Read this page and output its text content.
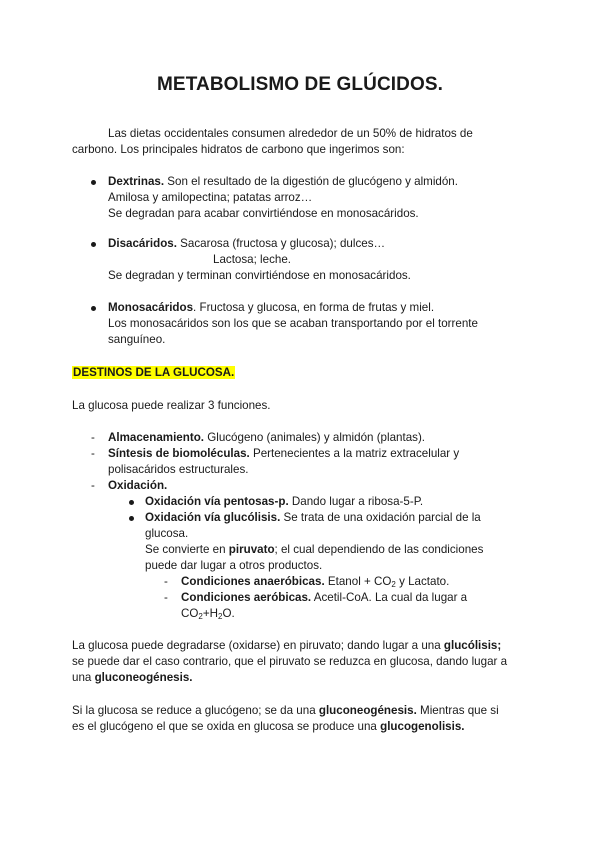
METABOLISMO DE GLÚCIDOS.
Las dietas occidentales consumen alrededor de un 50% de hidratos de
carbono. Los principales hidratos de carbono que ingerimos son:
Dextrinas. Son el resultado de la digestión de glucógeno y almidón.
Amilosa y amilopectina; patatas arroz…
Se degradan para acabar convirtiéndose en monosacáridos.
Disacáridos. Sacarosa (fructosa y glucosa); dulces…
Lactosa; leche.
Se degradan y terminan convirtiéndose en monosacáridos.
Monosacáridos. Fructosa y glucosa, en forma de frutas y miel.
Los monosacáridos son los que se acaban transportando por el torrente
sanguíneo.
DESTINOS DE LA GLUCOSA.
La glucosa puede realizar 3 funciones.
- Almacenamiento. Glucógeno (animales) y almidón (plantas).
- Síntesis de biomoléculas. Pertenecientes a la matriz extracelular y
polisacáridos estructurales.
- Oxidación.
Oxidación vía pentosas-p. Dando lugar a ribosa-5-P.
Oxidación vía glucólisis. Se trata de una oxidación parcial de la
glucosa.
Se convierte en piruvato; el cual dependiendo de las condiciones
puede dar lugar a otros productos.
- Condiciones anaeróbicas. Etanol + $CO_2$ y Lactato.
- Condiciones aeróbicas. Acetil-CoA. La cual da lugar a
$CO_2+H_2O$.
La glucosa puede degradarse (oxidarse) en piruvato; dando lugar a una glucólisis;
se puede dar el caso contrario, que el piruvato se reduzca en glucosa, dando lugar a
una gluconeogénesis.
Si la glucosa se reduce a glucógeno; se da una gluconeogénesis. Mientras que si
es el glucógeno el que se oxida en glucosa se produce una glucogenolisis.
